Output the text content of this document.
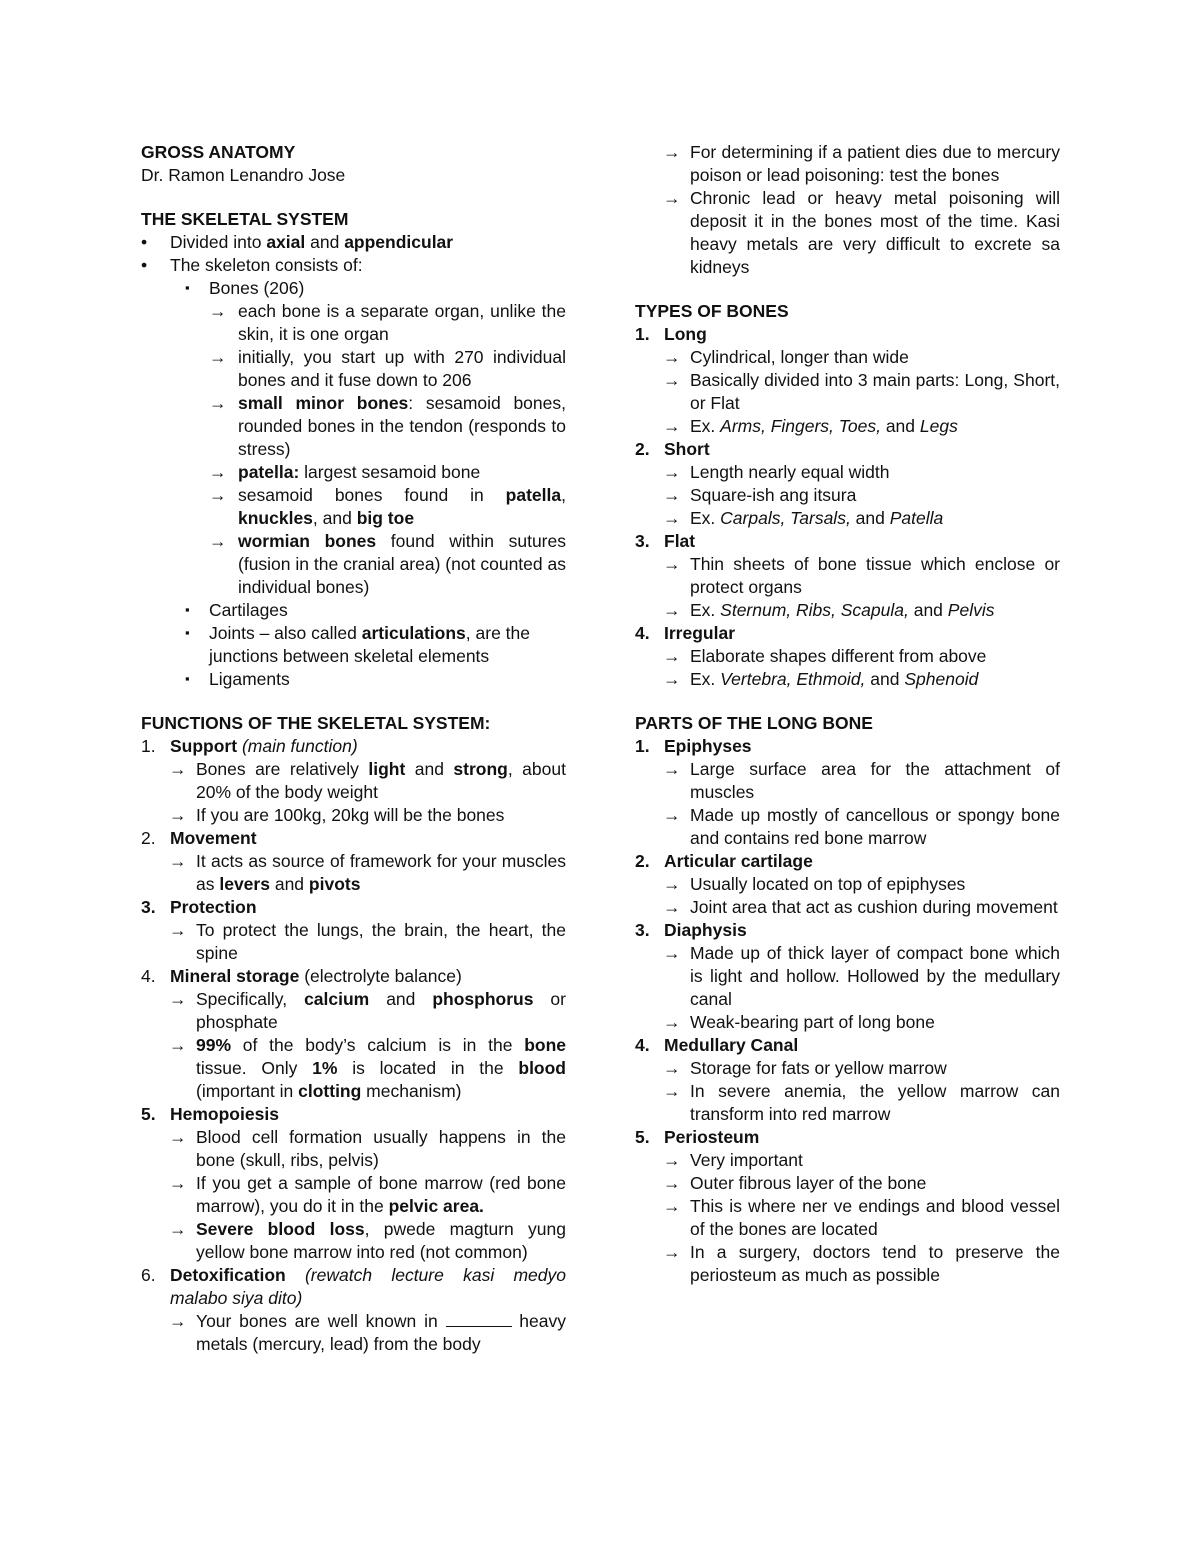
GROSS ANATOMY
Dr. Ramon Lenandro Jose
THE SKELETAL SYSTEM
•	Divided into axial and appendicular
•	The skeleton consists of:
▪ Bones (206)
→ each bone is a separate organ, unlike the skin, it is one organ
→ initially, you start up with 270 individual bones and it fuse down to 206
→ small minor bones: sesamoid bones, rounded bones in the tendon (responds to stress)
→ patella: largest sesamoid bone
→ sesamoid bones found in patella, knuckles, and big toe
→ wormian bones found within sutures (fusion in the cranial area) (not counted as individual bones)
▪ Cartilages
▪ Joints – also called articulations, are the junctions between skeletal elements
▪ Ligaments
FUNCTIONS OF THE SKELETAL SYSTEM:
1. Support (main function)
→ Bones are relatively light and strong, about 20% of the body weight
→ If you are 100kg, 20kg will be the bones
2. Movement
→ It acts as source of framework for your muscles as levers and pivots
3. Protection
→ To protect the lungs, the brain, the heart, the spine
4. Mineral storage (electrolyte balance)
→ Specifically, calcium and phosphorus or phosphate
→ 99% of the body’s calcium is in the bone tissue. Only 1% is located in the blood (important in clotting mechanism)
5. Hemopoiesis
→ Blood cell formation usually happens in the bone (skull, ribs, pelvis)
→ If you get a sample of bone marrow (red bone marrow), you do it in the pelvic area.
→ Severe blood loss, pwede magturn yung yellow bone marrow into red (not common)
6. Detoxification (rewatch lecture kasi medyo malabo siya dito)
→ Your bones are well known in	heavy metals (mercury, lead) from the body
→ For determining if a patient dies due to mercury poison or lead poisoning: test the bones
→ Chronic lead or heavy metal poisoning will deposit it in the bones most of the time. Kasi heavy metals are very difficult to excrete sa kidneys
TYPES OF BONES
1. Long
→ Cylindrical, longer than wide
→ Basically divided into 3 main parts: Long, Short, or Flat
→ Ex. Arms, Fingers, Toes, and Legs
2. Short
→ Length nearly equal width
→ Square-ish ang itsura
→ Ex. Carpals, Tarsals, and Patella
3. Flat
→ Thin sheets of bone tissue which enclose or protect organs
→ Ex. Sternum, Ribs, Scapula, and Pelvis
4. Irregular
→ Elaborate shapes different from above
→ Ex. Vertebra, Ethmoid, and Sphenoid
PARTS OF THE LONG BONE
1. Epiphyses
→ Large surface area for the attachment of muscles
→ Made up mostly of cancellous or spongy bone and contains red bone marrow
2. Articular cartilage
→ Usually located on top of epiphyses
→ Joint area that act as cushion during movement
3. Diaphysis
→ Made up of thick layer of compact bone which is light and hollow. Hollowed by the medullary canal
→ Weak-bearing part of long bone
4. Medullary Canal
→ Storage for fats or yellow marrow
→ In severe anemia, the yellow marrow can transform into red marrow
5. Periosteum
→ Very important
→ Outer fibrous layer of the bone
→ This is where ner ve endings and blood vessel of the bones are located
→ In a surgery, doctors tend to preserve the periosteum as much as possible
